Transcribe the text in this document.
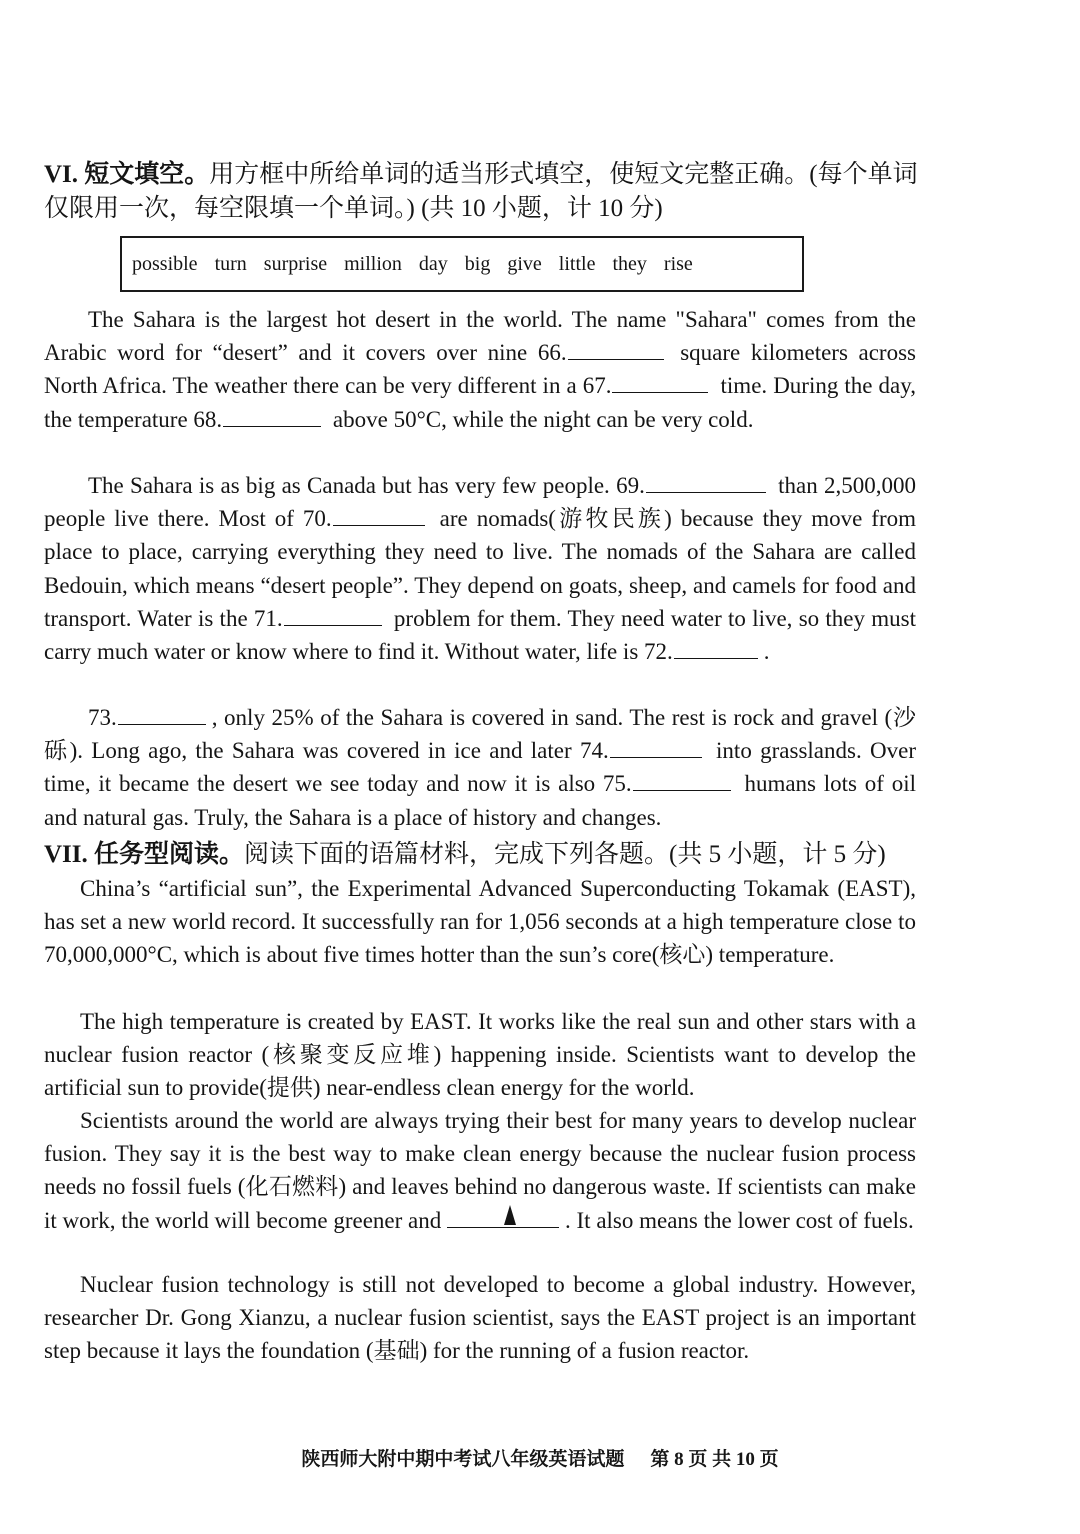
VI. 短文填空。用方框中所给单词的适当形式填空，使短文完整正确。(每个单词仅限用一次，每空限填一个单词。) (共 10 小题，计 10 分)
possible turn surprise million day big give little they rise
The Sahara is the largest hot desert in the world. The name "Sahara" comes from the Arabic word for “desert” and it covers over nine 66.	square kilometers across North Africa. The weather there can be very different in a 67.	time. During the day, the temperature 68.	above 50°C, while the night can be very cold.
The Sahara is as big as Canada but has very few people. 69.	than 2,500,000 people live there. Most of 70.	are nomads(游牧民族) because they move from place to place, carrying everything they need to live. The nomads of the Sahara are called Bedouin, which means “desert people”. They depend on goats, sheep, and camels for food and transport. Water is the 71.	problem for them. They need water to live, so they must carry much water or know where to find it. Without water, life is 72.	.
73.	, only 25% of the Sahara is covered in sand. The rest is rock and gravel (沙砾). Long ago, the Sahara was covered in ice and later 74.	into grasslands. Over time, it became the desert we see today and now it is also 75.	humans lots of oil and natural gas. Truly, the Sahara is a place of history and changes.
VII. 任务型阅读。阅读下面的语篇材料，完成下列各题。(共 5 小题，计 5 分)
China’s “artificial sun”, the Experimental Advanced Superconducting Tokamak (EAST), has set a new world record. It successfully ran for 1,056 seconds at a high temperature close to 70,000,000°C, which is about five times hotter than the sun’s core(核心) temperature.
The high temperature is created by EAST. It works like the real sun and other stars with a nuclear fusion reactor (核聚变反应堆) happening inside. Scientists want to develop the artificial sun to provide(提供) near-endless clean energy for the world.
Scientists around the world are always trying their best for many years to develop nuclear fusion. They say it is the best way to make clean energy because the nuclear fusion process needs no fossil fuels (化石燃料) and leaves behind no dangerous waste. If scientists can make it work, the world will become greener and	. It also means the lower cost of fuels.
Nuclear fusion technology is still not developed to become a global industry. However, researcher Dr. Gong Xianzu, a nuclear fusion scientist, says the EAST project is an important step because it lays the foundation (基础) for the running of a fusion reactor.
陕西师大附中期中考试八年级英语试题 第 8 页 共 10 页
